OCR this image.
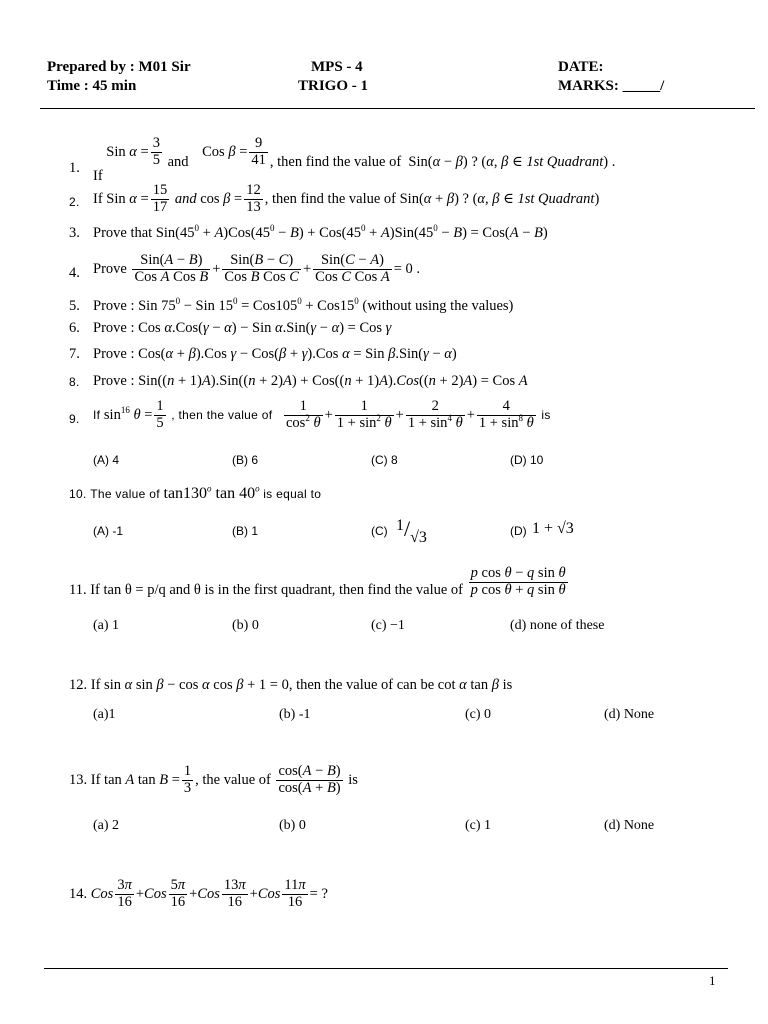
Prepared by : M01 Sir
Time : 45 min
MPS - 4
TRIGO - 1
DATE:
MARKS: _____/
1. If Sin $\alpha = \frac{3}{5}$ and Cos $\beta = \frac{9}{41}$ , then find the value of  Sin(α − β) ? (α, β ∈ 1st Quadrant) .
2. If Sin $\alpha = \frac{15}{17}$ and $\cos \beta = \frac{12}{13}$ , then find the value of Sin(α + β) ? (α, β ∈ 1st Quadrant)
3. Prove that $Sin(45^0 + A)Cos(45^0 - B) + Cos(45^0 + A)Sin(45^0 - B) = Cos(A - B)$
4. Prove $\frac{\text{Sin(A − B)}}{\text{Cos A Cos B}} + \frac{\text{Sin(B − C)}}{\text{Cos B Cos C}} + \frac{\text{Sin(C − A)}}{\text{Cos C Cos A}} = 0$ .
5. Prove : Sin $75^0$ − Sin $15^0 = Cos105^0 + Cos15^0$ (without using the values)
6. Prove : Cos α.Cos(γ − α) − Sin α.Sin(γ − α) = Cos γ
7. Prove : Cos(α + β).Cos γ − Cos(β + γ).Cos α = Sin β.Sin(γ − α)
8. Prove : Sin((n + 1)A).Sin((n + 2)A) + Cos((n + 1)A).Cos((n + 2)A) = Cos A
9. If $\sin^{16} \theta = \frac{1}{5}$ , then the value of $\frac{1}{\cos^2 \theta} + \frac{1}{1 + \sin^2 \theta} + \frac{2}{1 + \sin^4 \theta} + \frac{4}{1 + \sin^8 \theta}$ is
(A) 4	(B) 6	(C) 8	(D) 10
10. The value of tan130$^o$ tan 40$^o$ is equal to
(A) -1	(B) 1	(C) 1/√3	(D) 1 + √3
11. If tan θ = p/q and θ is in the first quadrant, then find the value of $\frac{\text{p cos θ − q sin θ}}{\text{p cos θ + q sin θ}}$
(a) 1	(b) 0	(c) −1	(d) none of these
12. If sin α sin β − cos α cos β + 1 = 0, then the value of can be cot α tan β is
(a)1	(b) -1	(c) 0	(d) None
13. If tan A $\tan B = \frac{1}{3}$ , the value of $\frac{\cos(A - B)}{\cos(A + B)}$ is
(a) 2	(b) 0	(c) 1	(d) None
14. Cos $\frac{3\pi}{16} +Cos \frac{5\pi}{16} +Cos \frac{13\pi}{16} +Cos \frac{11\pi}{16}$ = ?
1
